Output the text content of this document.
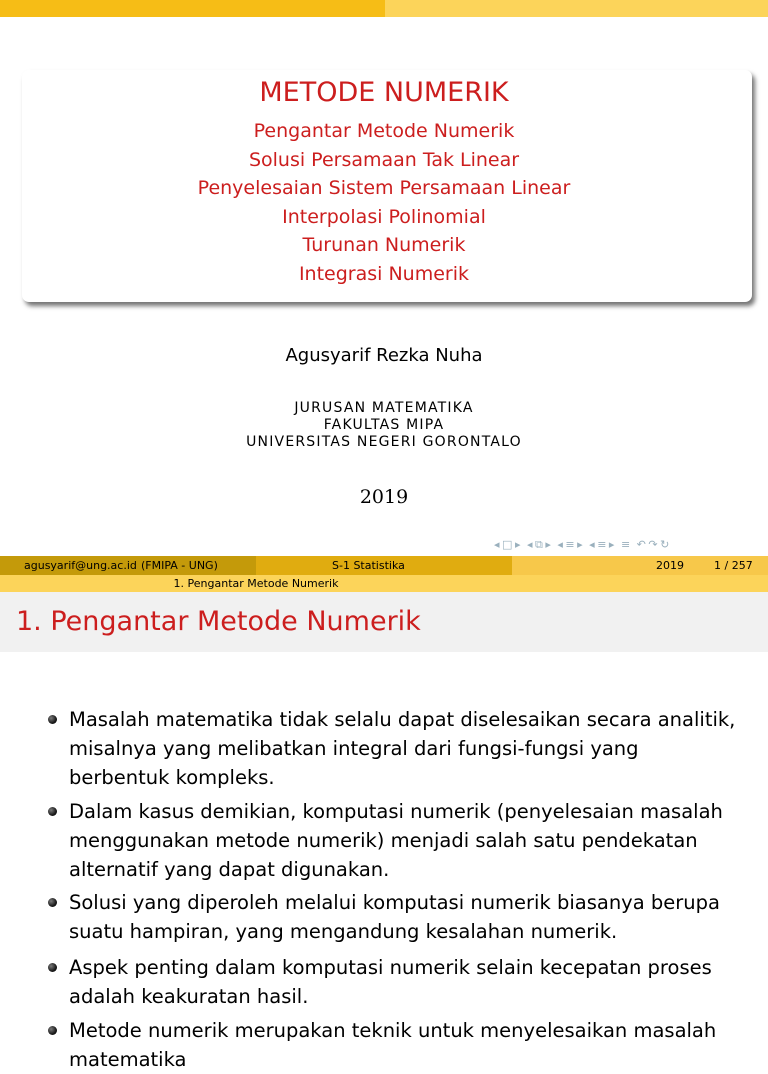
METODE NUMERIK
Pengantar Metode Numerik
Solusi Persamaan Tak Linear
Penyelesaian Sistem Persamaan Linear
Interpolasi Polinomial
Turunan Numerik
Integrasi Numerik
Agusyarif Rezka Nuha
JURUSAN MATEMATIKA
FAKULTAS MIPA
UNIVERSITAS NEGERI GORONTALO
2019
◂ □ ▸ ◂ ⧉ ▸ ◂ ≡ ▸ ◂ ≡ ▸ ≡ ↶ ↷ ↻
agusyarif@ung.ac.id (FMIPA - UNG)	S-1 Statistika	2019	1 / 257
1. Pengantar Metode Numerik
1. Pengantar Metode Numerik
Masalah matematika tidak selalu dapat diselesaikan secara analitik, misalnya yang melibatkan integral dari fungsi-fungsi yang berbentuk kompleks.
Dalam kasus demikian, komputasi numerik (penyelesaian masalah menggunakan metode numerik) menjadi salah satu pendekatan alternatif yang dapat digunakan.
Solusi yang diperoleh melalui komputasi numerik biasanya berupa suatu hampiran, yang mengandung kesalahan numerik.
Aspek penting dalam komputasi numerik selain kecepatan proses adalah keakuratan hasil.
Metode numerik merupakan teknik untuk menyelesaikan masalah matematika
